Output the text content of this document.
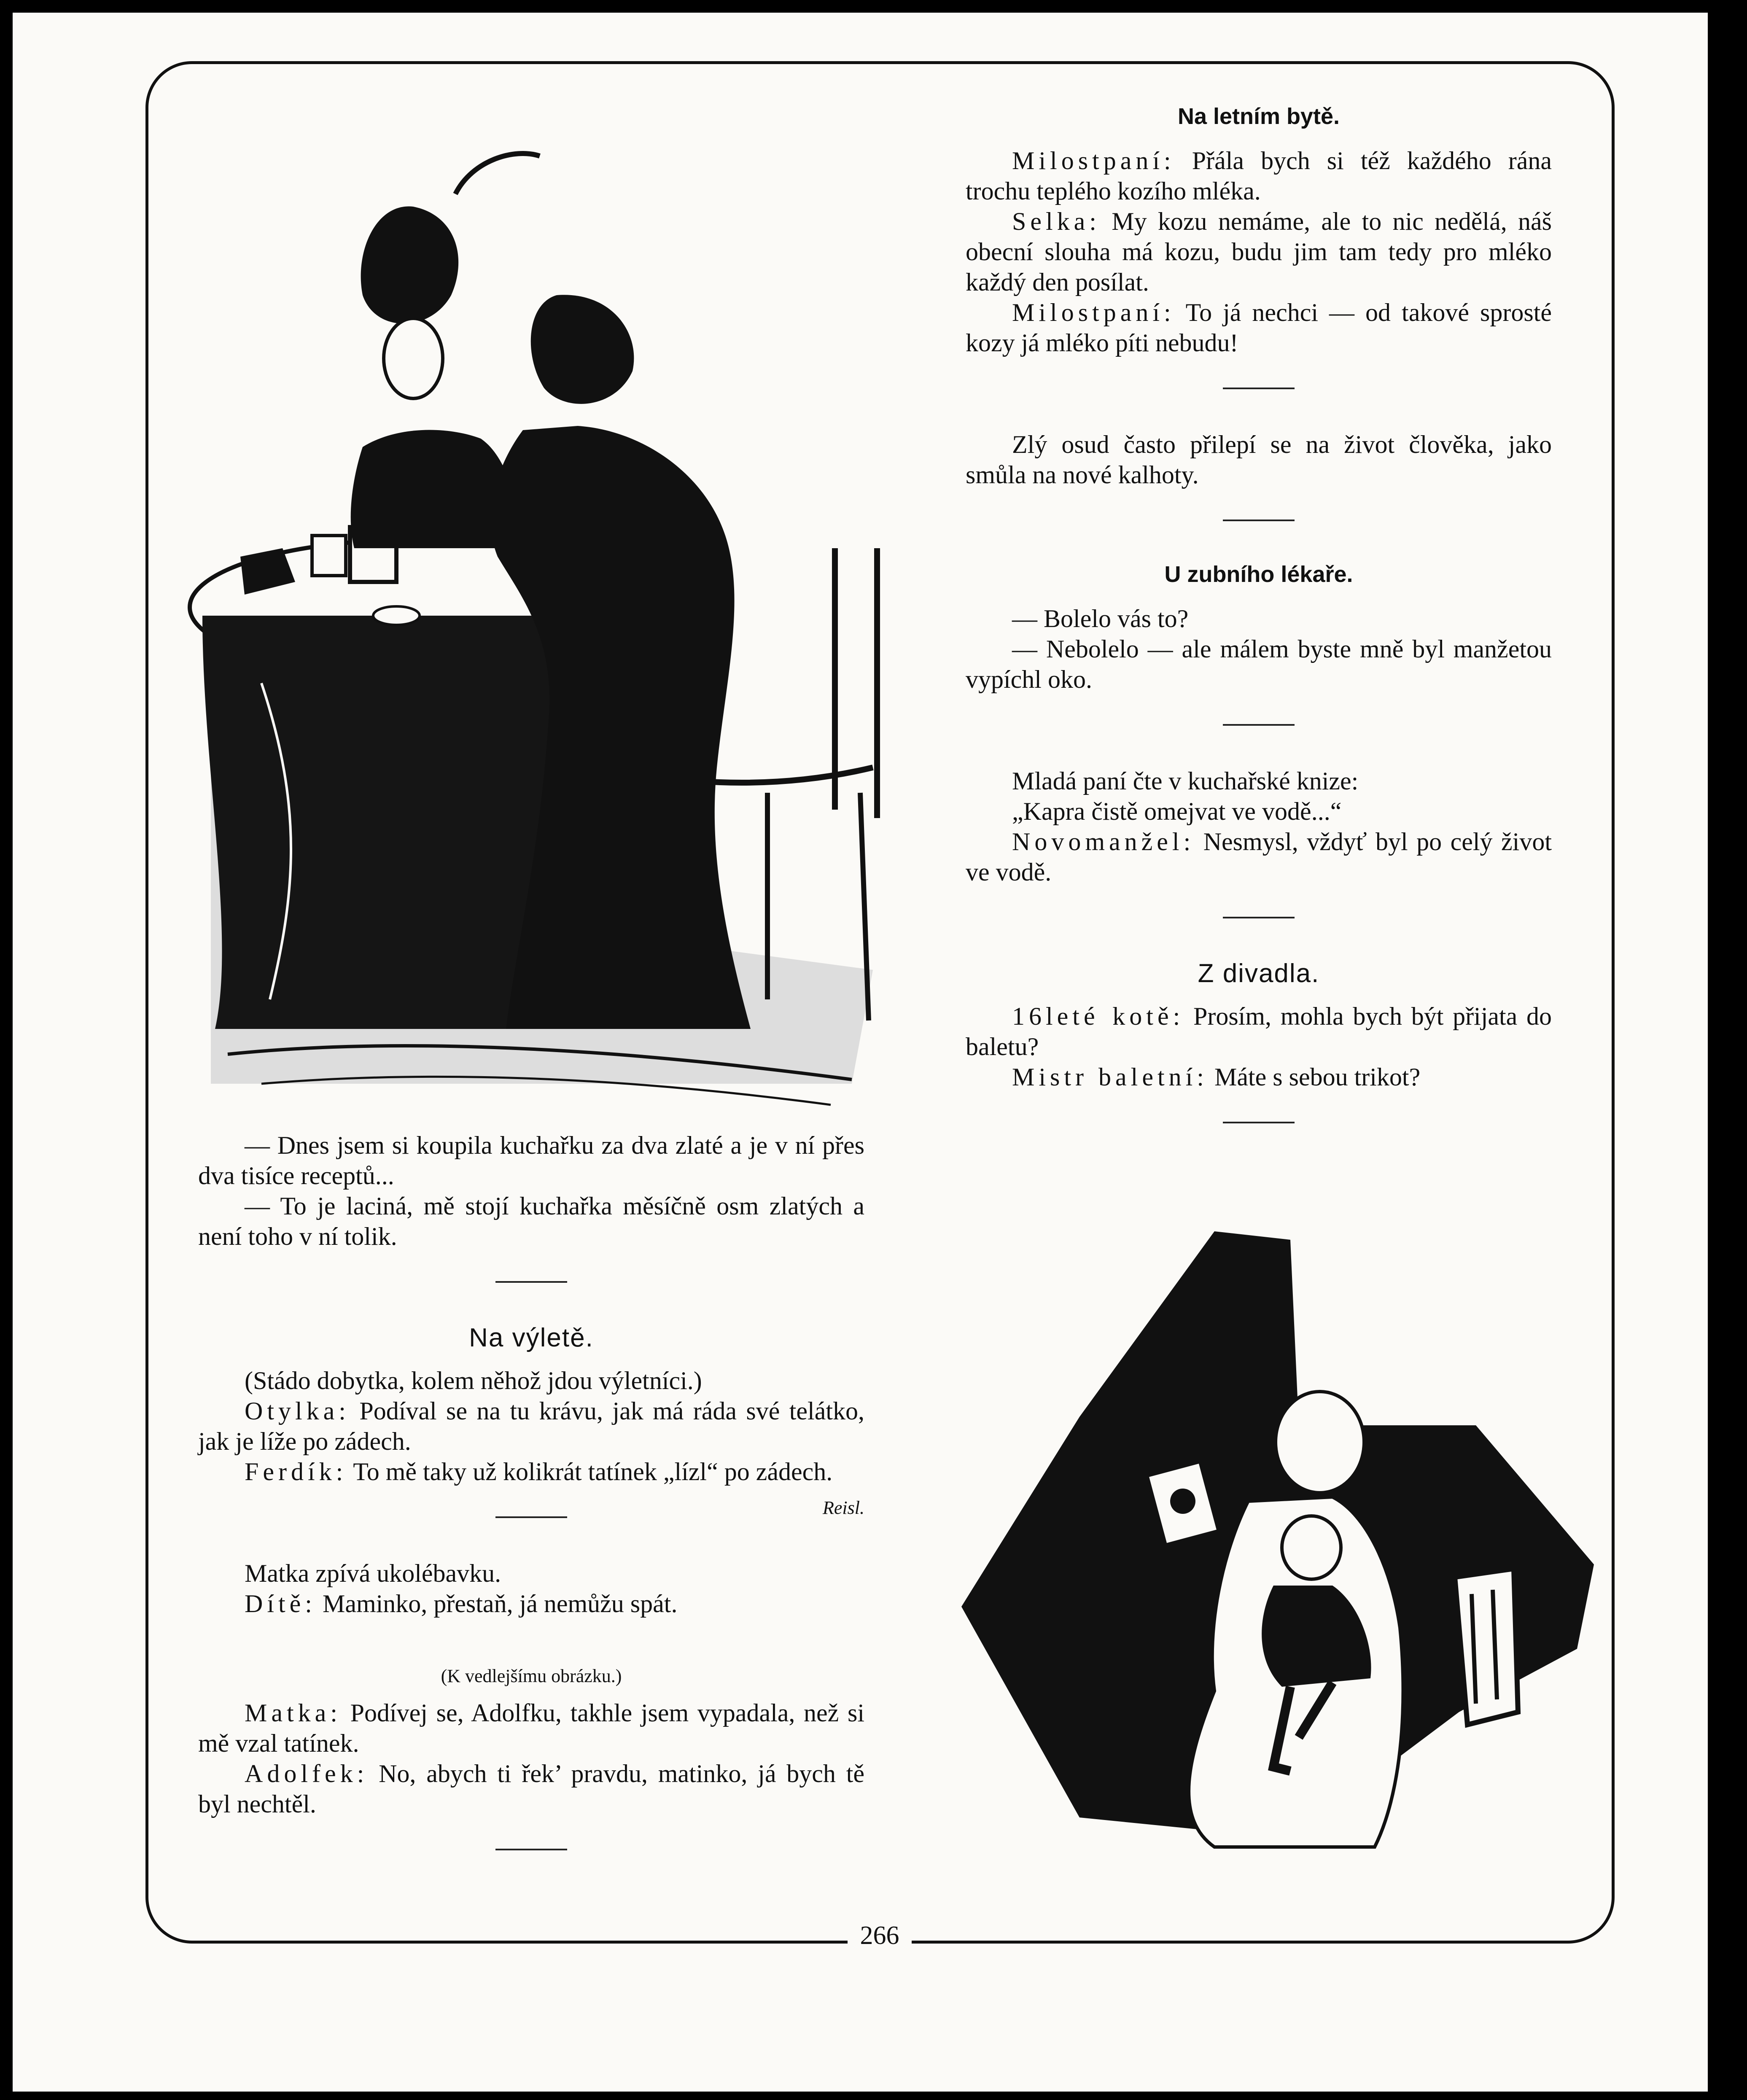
Na letním bytě.

Milostpaní: Přála bych si též každého rána trochu teplého kozího mléka.

Selka: My kozu nemáme, ale to nic nedělá, náš obecní slouha má kozu, budu jim tam tedy pro mléko každý den posílat.

Milostpaní: To já nechci — od takové sprosté kozy já mléko píti nebudu!

Zlý osud často přilepí se na život člověka, jako smůla na nové kalhoty.

U zubního lékaře.

— Bolelo vás to?

— Nebolelo — ale málem byste mně byl manžetou vypíchl oko.

Mladá paní čte v kuchařské knize:

„Kapra čistě omejvat ve vodě...“

Novomanžel: Nesmysl, vždyť byl po celý život ve vodě.

Z divadla.

16leté kotě: Prosím, mohla bych být přijata do baletu?

Mistr baletní: Máte s sebou trikot?

— Dnes jsem si koupila kuchařku za dva zlaté a je v ní přes dva tisíce receptů...

— To je laciná, mě stojí kuchařka měsíčně osm zlatých a není toho v ní tolik.

Na výletě.

(Stádo dobytka, kolem něhož jdou výletníci.)

Otylka: Podíval se na tu krávu, jak má ráda své telátko, jak je líže po zádech.

Ferdík: To mě taky už kolikrát tatínek „lízl“ po zádech.
Reisl.

Matka zpívá ukolébavku.

Dítě: Maminko, přestaň, já nemůžu spát.

(K vedlejšímu obrázku.)

Matka: Podívej se, Adolfku, takhle jsem vypadala, než si mě vzal tatínek.

Adolfek: No, abych ti řek’ pravdu, matinko, já bych tě byl nechtěl.

266
